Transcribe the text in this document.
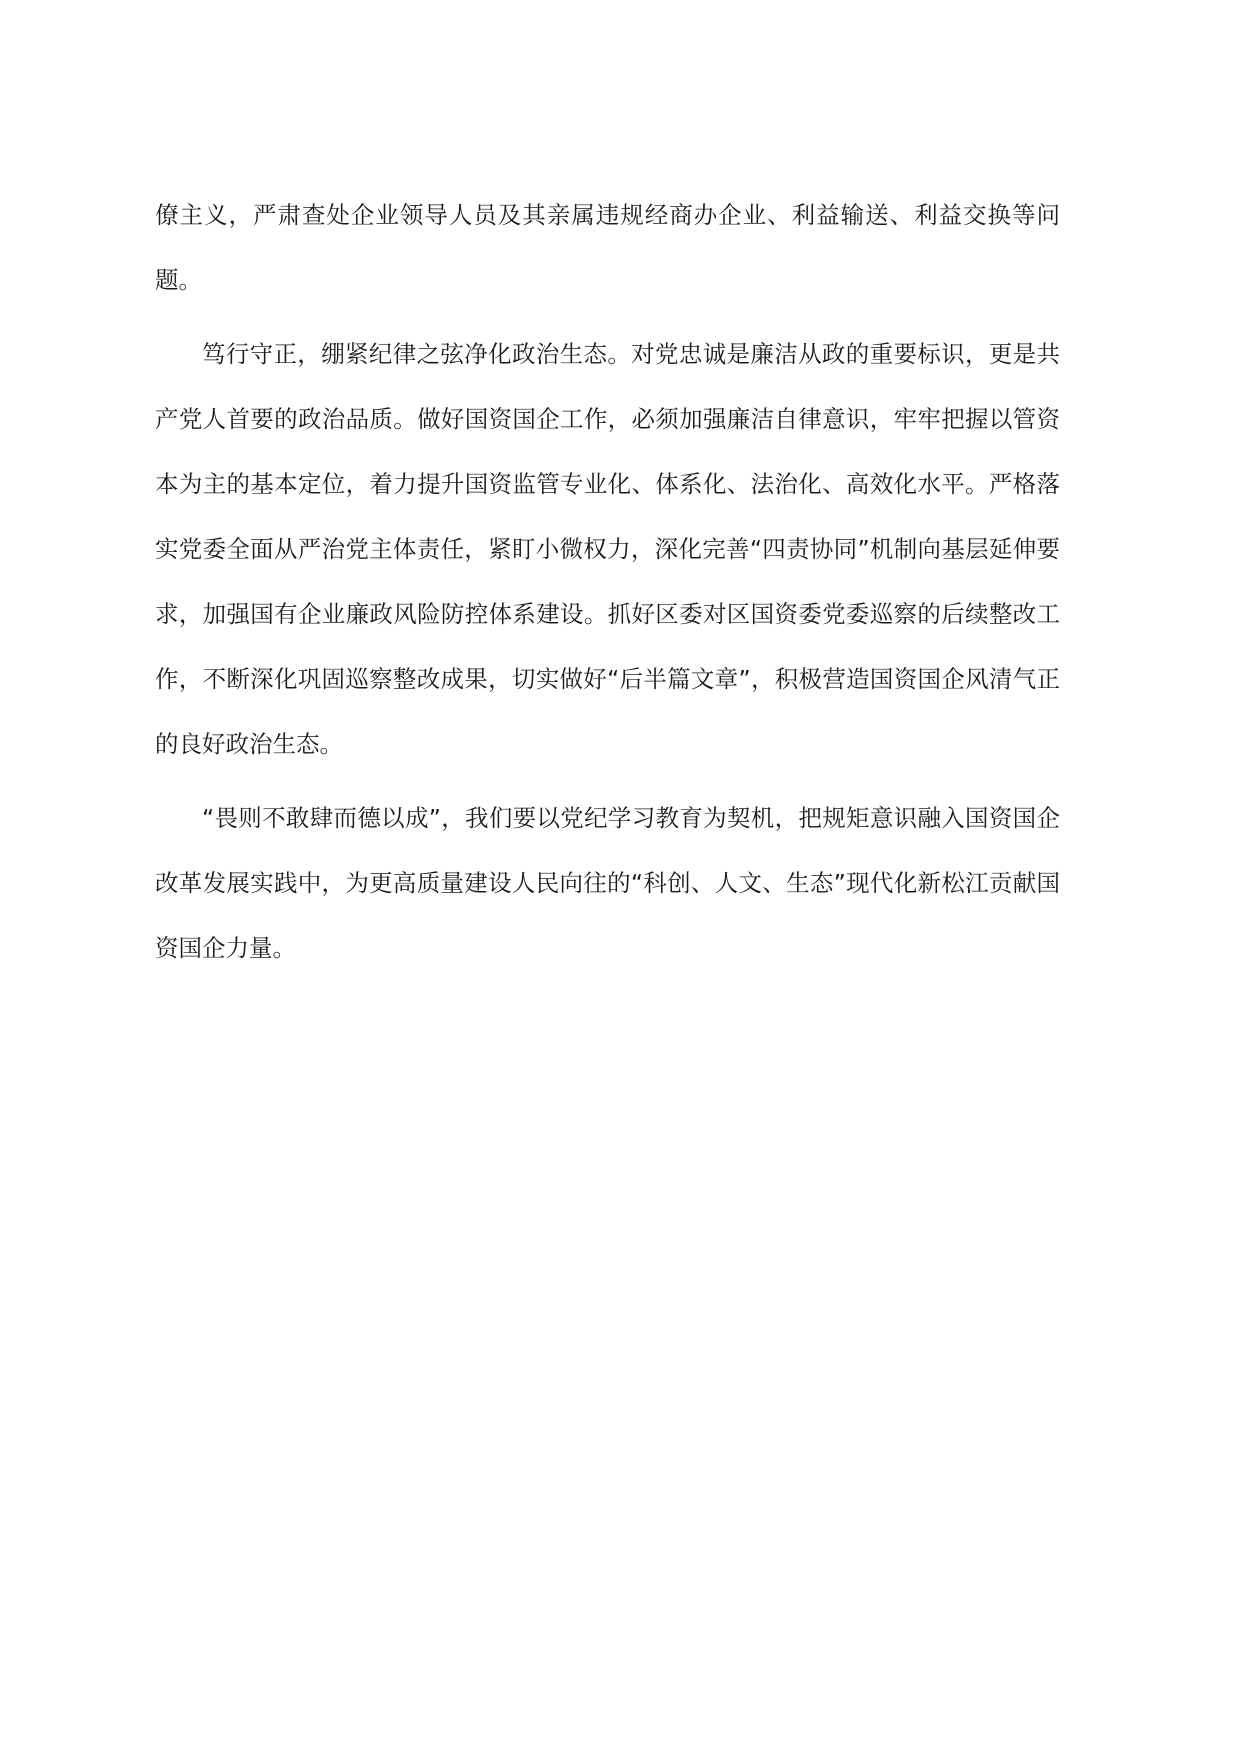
僚主义，严肃查处企业领导人员及其亲属违规经商办企业、利益输送、利益交换等问题。

笃行守正，绷紧纪律之弦净化政治生态。对党忠诚是廉洁从政的重要标识，更是共产党人首要的政治品质。做好国资国企工作，必须加强廉洁自律意识，牢牢把握以管资本为主的基本定位，着力提升国资监管专业化、体系化、法治化、高效化水平。严格落实党委全面从严治党主体责任，紧盯小微权力，深化完善“四责协同”机制向基层延伸要求，加强国有企业廉政风险防控体系建设。抓好区委对区国资委党委巡察的后续整改工作，不断深化巩固巡察整改成果，切实做好“后半篇文章”，积极营造国资国企风清气正的良好政治生态。

“畏则不敢肆而德以成”，我们要以党纪学习教育为契机，把规矩意识融入国资国企改革发展实践中，为更高质量建设人民向往的“科创、人文、生态”现代化新松江贡献国资国企力量。
